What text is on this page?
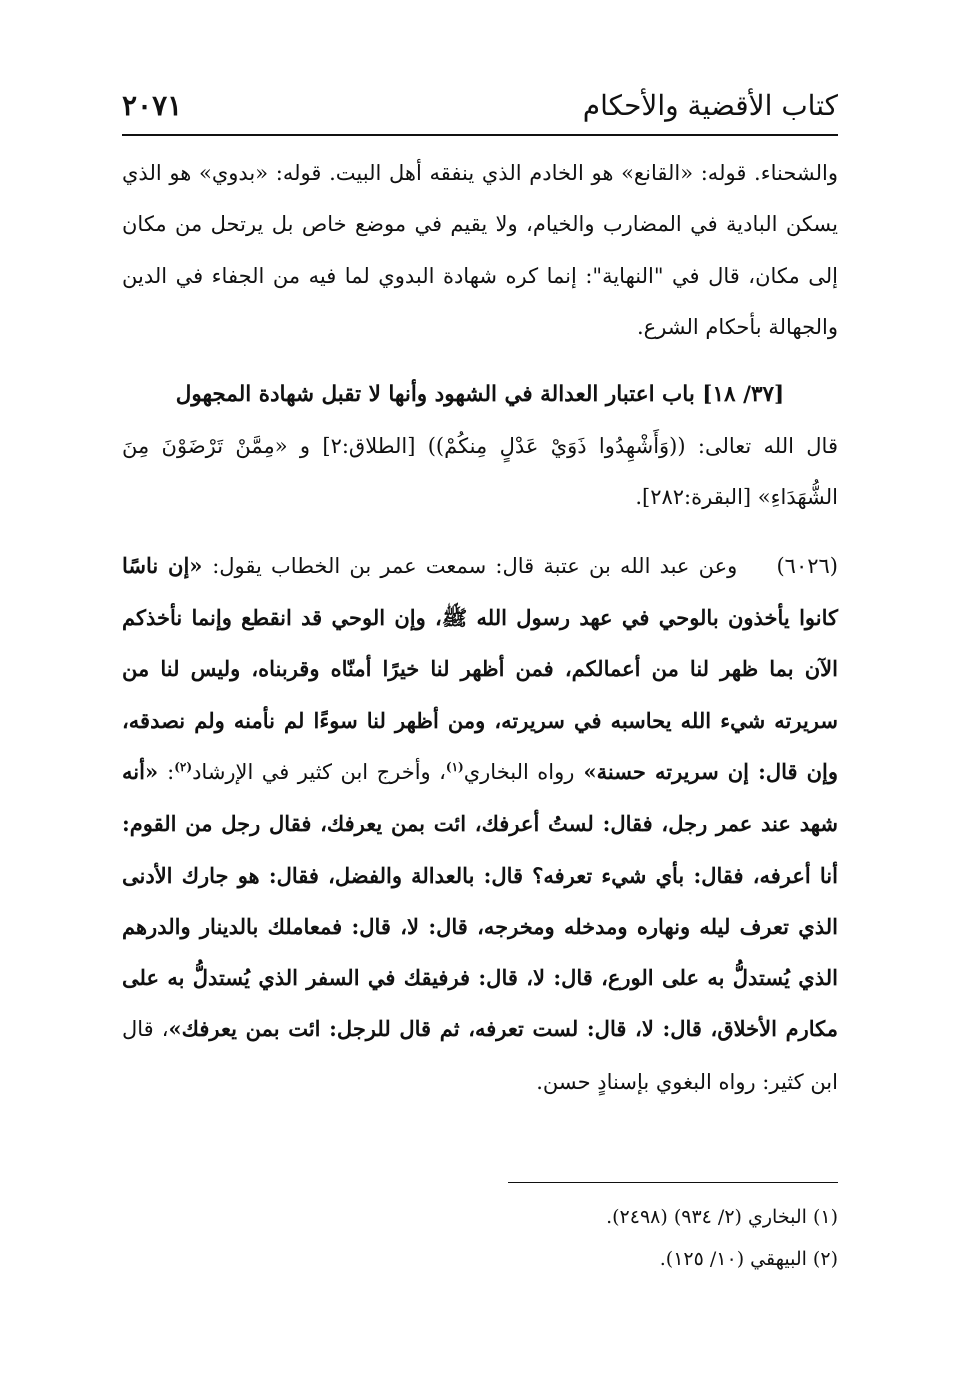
كتاب الأقضية والأحكام
٢٠٧١

والشحناء. قوله: «القانع» هو الخادم الذي ينفقه أهل البيت. قوله: «بدوي» هو الذي يسكن البادية في المضارب والخيام، ولا يقيم في موضع خاص بل يرتحل من مكان إلى مكان، قال في "النهاية": إنما كره شهادة البدوي لما فيه من الجفاء في الدين والجهالة بأحكام الشرع.

[٣٧/ ١٨] باب اعتبار العدالة في الشهود وأنها لا تقبل شهادة المجهول

قال الله تعالى: ((وَأَشْهِدُوا ذَوَيْ عَدْلٍ مِنكُمْ)) [الطلاق:٢] و «مِمَّنْ تَرْضَوْنَ مِنَ الشُّهَدَاءِ» [البقرة:٢٨٢].

(٦٠٢٦)    وعن عبد الله بن عتبة قال: سمعت عمر بن الخطاب يقول: «إن ناسًا كانوا يأخذون بالوحي في عهد رسول الله ﷺ، وإن الوحي قد انقطع وإنما نأخذكم الآن بما ظهر لنا من أعمالكم، فمن أظهر لنا خيرًا أمنّاه وقربناه، وليس لنا من سريرته شيء الله يحاسبه في سريرته، ومن أظهر لنا سوءًا لم نأمنه ولم نصدقه، وإن قال: إن سريرته حسنة» رواه البخاري$^{(١)}$، وأخرج ابن كثير في الإرشاد$^{(٢)}$: «أنه شهد عند عمر رجل، فقال: لستُ أعرفك، ائت بمن يعرفك، فقال رجل من القوم: أنا أعرفه، فقال: بأي شيء تعرفه؟ قال: بالعدالة والفضل، فقال: هو جارك الأدنى الذي تعرف ليله ونهاره ومدخله ومخرجه، قال: لا، قال: فمعاملك بالدينار والدرهم الذي يُستدلُّ به على الورع، قال: لا، قال: فرفيقك في السفر الذي يُستدلُّ به على مكارم الأخلاق، قال: لا، قال: لست تعرفه، ثم قال للرجل: ائت بمن يعرفك»، قال ابن كثير: رواه البغوي بإسنادٍ حسن.

(١) البخاري (٢/ ٩٣٤) (٢٤٩٨).

(٢) البيهقي (١٠/ ١٢٥).
